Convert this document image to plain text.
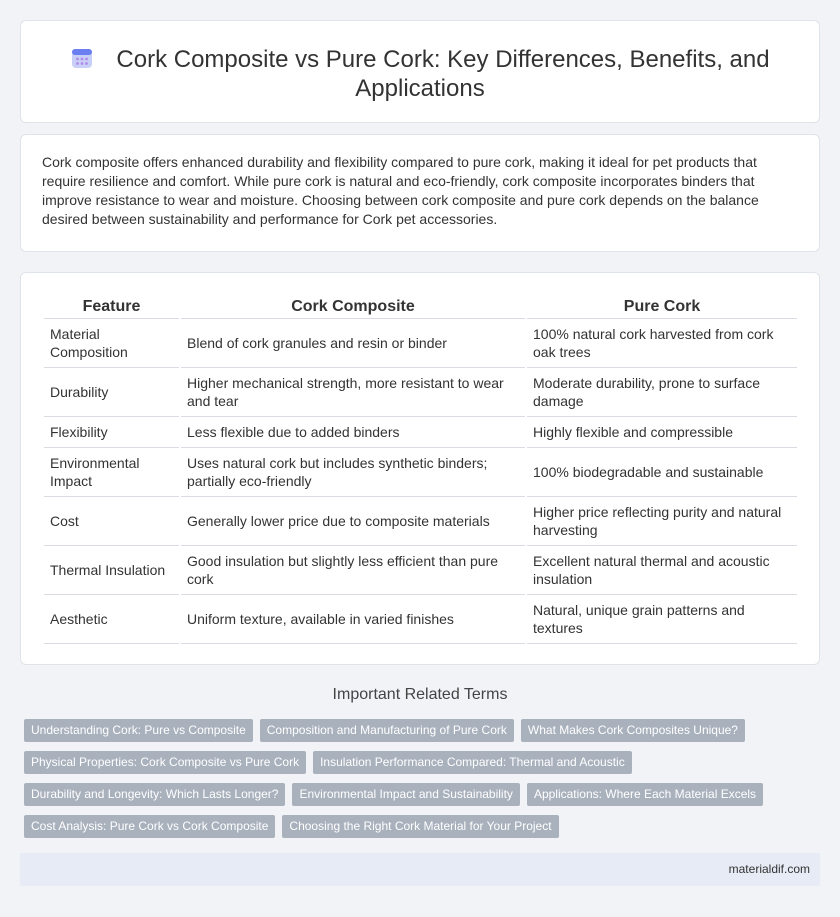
Cork Composite vs Pure Cork: Key Differences, Benefits, and Applications

Cork composite offers enhanced durability and flexibility compared to pure cork, making it ideal for pet products that require resilience and comfort. While pure cork is natural and eco-friendly, cork composite incorporates binders that improve resistance to wear and moisture. Choosing between cork composite and pure cork depends on the balance desired between sustainability and performance for Cork pet accessories.

Feature	Cork Composite	Pure Cork
Material Composition	Blend of cork granules and resin or binder	100% natural cork harvested from cork oak trees
Durability	Higher mechanical strength, more resistant to wear and tear	Moderate durability, prone to surface damage
Flexibility	Less flexible due to added binders	Highly flexible and compressible
Environmental Impact	Uses natural cork but includes synthetic binders; partially eco-friendly	100% biodegradable and sustainable
Cost	Generally lower price due to composite materials	Higher price reflecting purity and natural harvesting
Thermal Insulation	Good insulation but slightly less efficient than pure cork	Excellent natural thermal and acoustic insulation
Aesthetic	Uniform texture, available in varied finishes	Natural, unique grain patterns and textures
Important Related Terms
Understanding Cork: Pure vs Composite	Composition and Manufacturing of Pure Cork	What Makes Cork Composites Unique?
Physical Properties: Cork Composite vs Pure Cork	Insulation Performance Compared: Thermal and Acoustic
Durability and Longevity: Which Lasts Longer?	Environmental Impact and Sustainability	Applications: Where Each Material Excels
Cost Analysis: Pure Cork vs Cork Composite	Choosing the Right Cork Material for Your Project
materialdif.com
